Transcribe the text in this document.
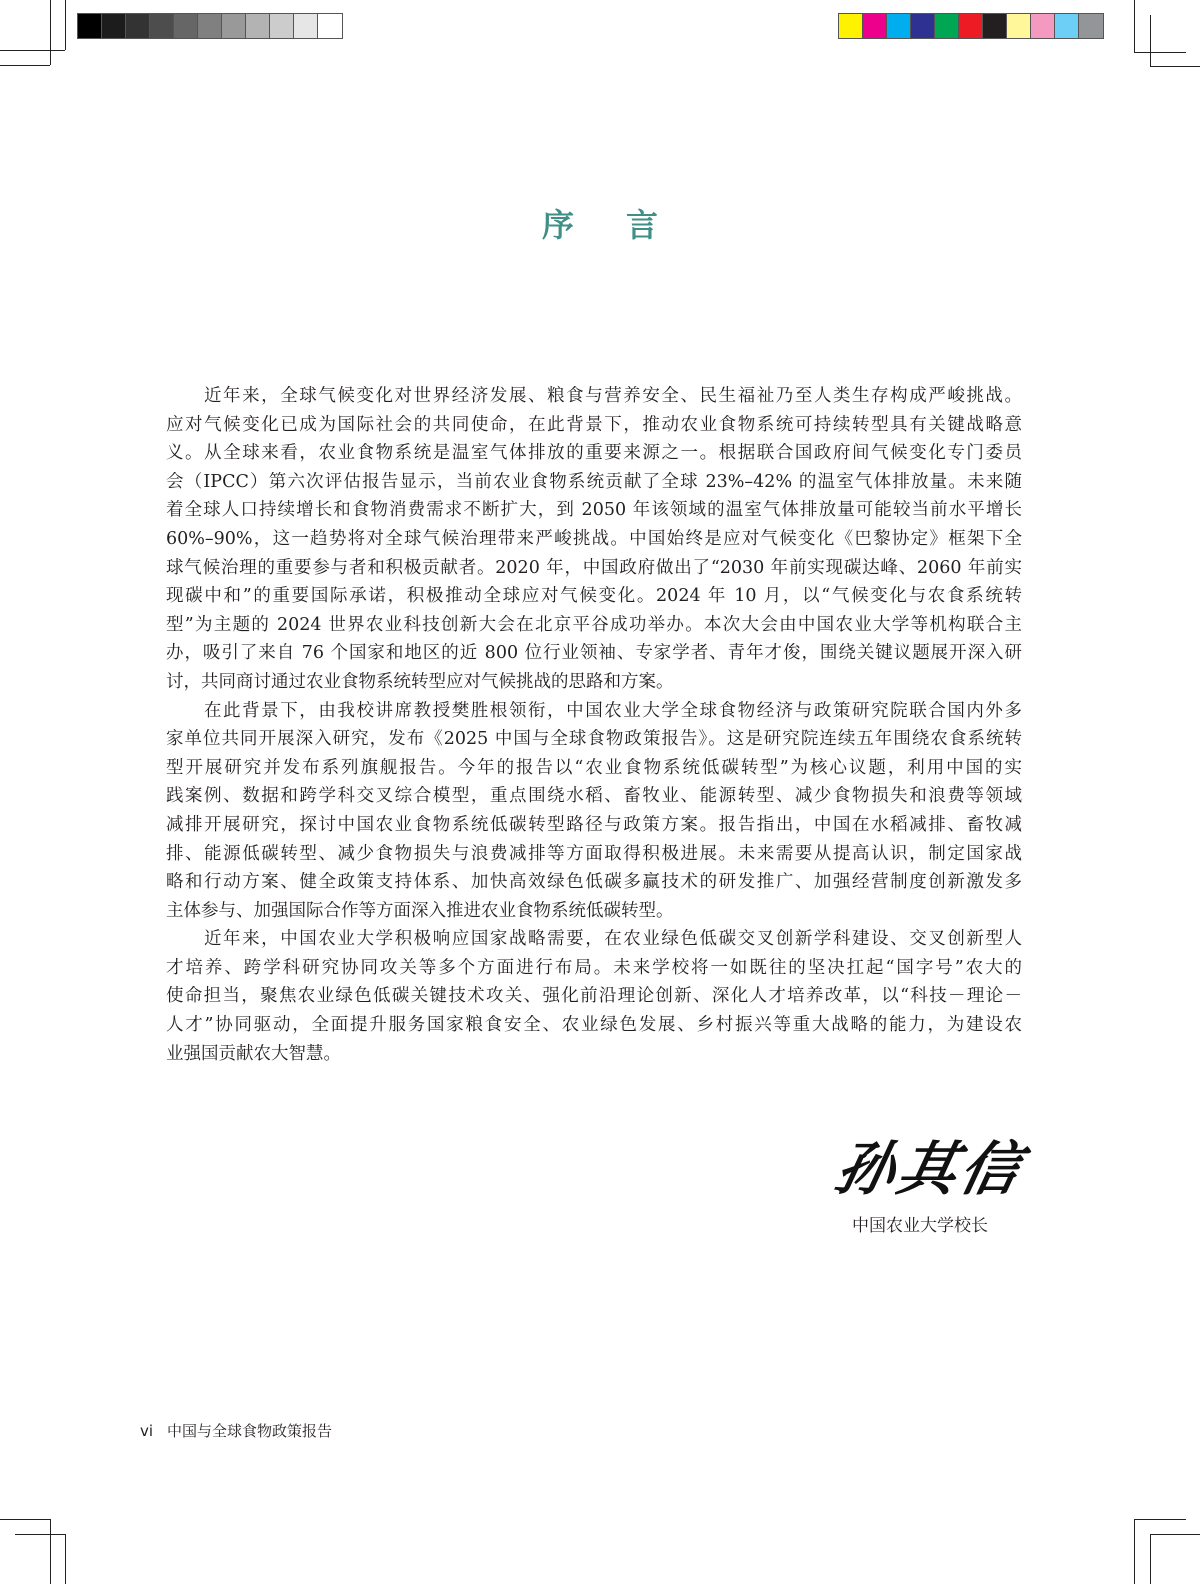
序言
近年来，全球气候变化对世界经济发展、粮食与营养安全、民生福祉乃至人类生存构成严峻挑战。
应对气候变化已成为国际社会的共同使命，在此背景下，推动农业食物系统可持续转型具有关键战略意
义。从全球来看，农业食物系统是温室气体排放的重要来源之一。根据联合国政府间气候变化专门委员
会（IPCC）第六次评估报告显示，当前农业食物系统贡献了全球 23%–42% 的温室气体排放量。未来随
着全球人口持续增长和食物消费需求不断扩大，到 2050 年该领域的温室气体排放量可能较当前水平增长
60%–90%，这一趋势将对全球气候治理带来严峻挑战。中国始终是应对气候变化《巴黎协定》框架下全
球气候治理的重要参与者和积极贡献者。2020 年，中国政府做出了“2030 年前实现碳达峰、2060 年前实
现碳中和”的重要国际承诺，积极推动全球应对气候变化。2024 年 10 月，以“气候变化与农食系统转
型”为主题的 2024 世界农业科技创新大会在北京平谷成功举办。本次大会由中国农业大学等机构联合主
办，吸引了来自 76 个国家和地区的近 800 位行业领袖、专家学者、青年才俊，围绕关键议题展开深入研
讨，共同商讨通过农业食物系统转型应对气候挑战的思路和方案。
在此背景下，由我校讲席教授樊胜根领衔，中国农业大学全球食物经济与政策研究院联合国内外多
家单位共同开展深入研究，发布《2025 中国与全球食物政策报告》。这是研究院连续五年围绕农食系统转
型开展研究并发布系列旗舰报告。今年的报告以“农业食物系统低碳转型”为核心议题，利用中国的实
践案例、数据和跨学科交叉综合模型，重点围绕水稻、畜牧业、能源转型、减少食物损失和浪费等领域
减排开展研究，探讨中国农业食物系统低碳转型路径与政策方案。报告指出，中国在水稻减排、畜牧减
排、能源低碳转型、减少食物损失与浪费减排等方面取得积极进展。未来需要从提高认识，制定国家战
略和行动方案、健全政策支持体系、加快高效绿色低碳多赢技术的研发推广、加强经营制度创新激发多
主体参与、加强国际合作等方面深入推进农业食物系统低碳转型。
近年来，中国农业大学积极响应国家战略需要，在农业绿色低碳交叉创新学科建设、交叉创新型人
才培养、跨学科研究协同攻关等多个方面进行布局。未来学校将一如既往的坚决扛起“国字号”农大的
使命担当，聚焦农业绿色低碳关键技术攻关、强化前沿理论创新、深化人才培养改革，以“科技－理论－
人才”协同驱动，全面提升服务国家粮食安全、农业绿色发展、乡村振兴等重大战略的能力，为建设农
业强国贡献农大智慧。
孙其信
中国农业大学校长
vi 中国与全球食物政策报告
